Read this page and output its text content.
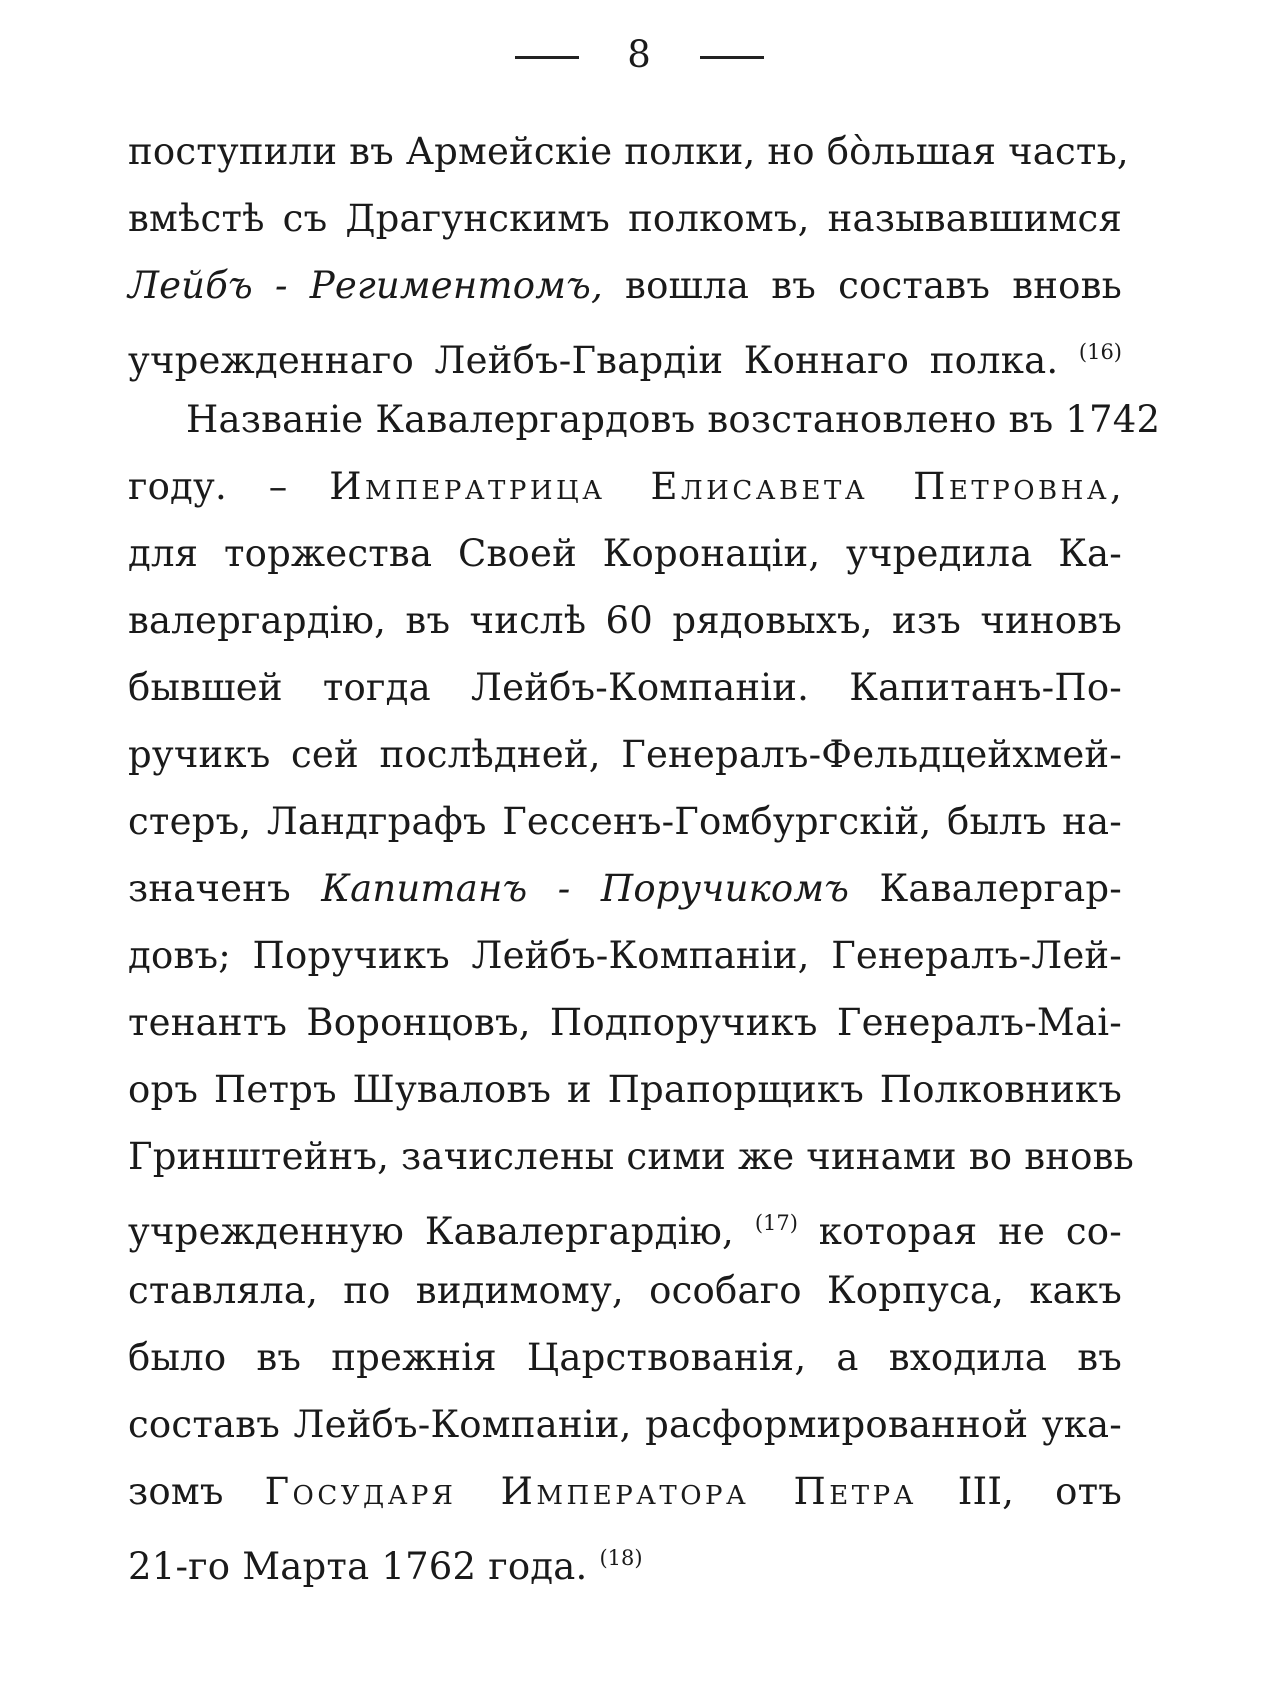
8
поступили въ Армейскіе полки, но бо̀льшая часть,
вмѣстѣ съ Драгунскимъ полкомъ, называвшимся
Лейбъ - Региментомъ, вошла въ составъ вновь
учрежденнаго Лейбъ-Гвардіи Коннаго полка. $^{(16)}$
Названіе Кавалергардовъ возстановлено въ 1742
году. – Императрица Елисавета Петровна,
для торжества Своей Коронаціи, учредила Ка-
валергардію, въ числѣ 60 рядовыхъ, изъ чиновъ
бывшей тогда Лейбъ-Компаніи. Капитанъ-По-
ручикъ сей послѣдней, Генералъ-Фельдцейхмей-
стеръ, Ландграфъ Гессенъ-Гомбургскій, былъ на-
значенъ Капитанъ - Поручикомъ Кавалергар-
довъ; Поручикъ Лейбъ-Компаніи, Генералъ-Лей-
тенантъ Воронцовъ, Подпоручикъ Генералъ-Маі-
оръ Петръ Шуваловъ и Прапорщикъ Полковникъ
Гринштейнъ, зачислены сими же чинами во вновь
учрежденную Кавалергардію, $^{(17)}$ которая не со-
ставляла, по видимому, особаго Корпуса, какъ
было въ прежнія Царствованія, а входила въ
составъ Лейбъ-Компаніи, расформированной ука-
зомъ Государя Императора Петра III, отъ
21-го Марта 1762 года. $^{(18)}$
